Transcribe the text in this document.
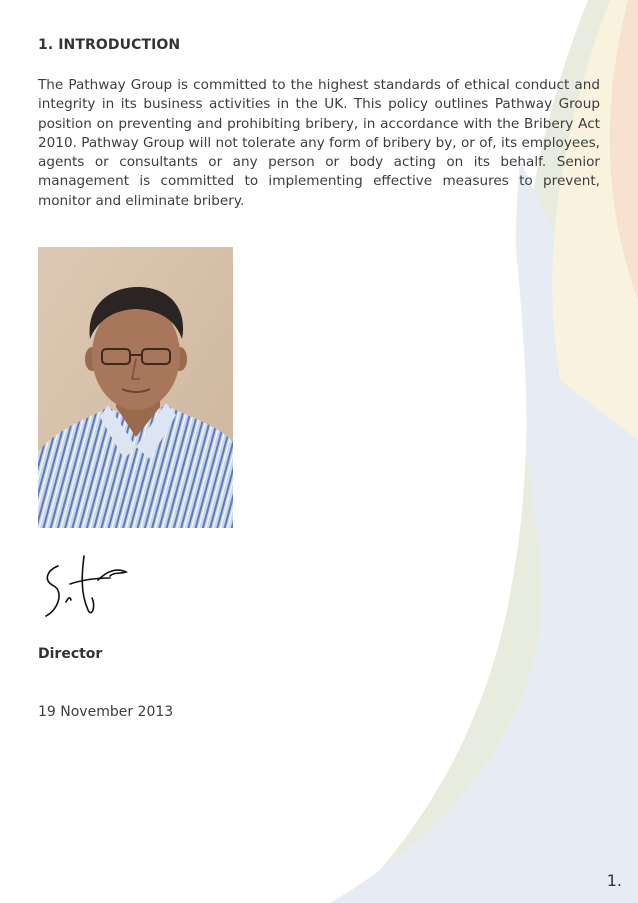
1. INTRODUCTION

The Pathway Group is committed to the highest standards of ethical conduct and integrity in its business activities in the UK. This policy outlines Pathway Group position on preventing and prohibiting bribery, in accordance with the Bribery Act 2010. Pathway Group will not tolerate any form of bribery by, or of, its employees, agents or consultants or any person or body acting on its behalf. Senior management is committed to implementing effective measures to prevent, monitor and eliminate bribery.

Director
19 November 2013
1.
